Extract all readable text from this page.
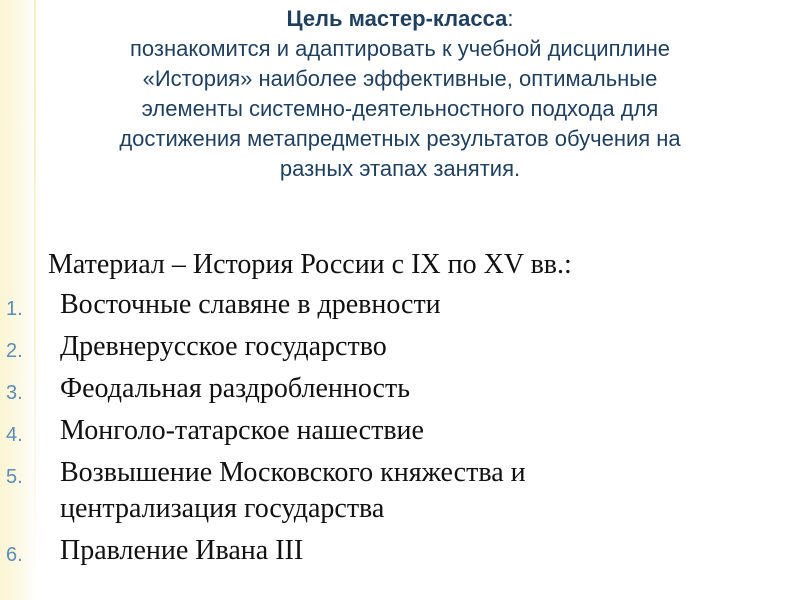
Цель мастер-класса:
познакомится и адаптировать к учебной дисциплине
«История» наиболее эффективные, оптимальные
элементы системно-деятельностного подхода для
достижения метапредметных результатов обучения на
разных этапах занятия.
Материал – История России с IX по XV вв.:
1. Восточные славяне в древности
2. Древнерусское государство
3. Феодальная раздробленность
4. Монголо-татарское нашествие
5. Возвышение Московского княжества и
централизация государства
6. Правление Ивана III
